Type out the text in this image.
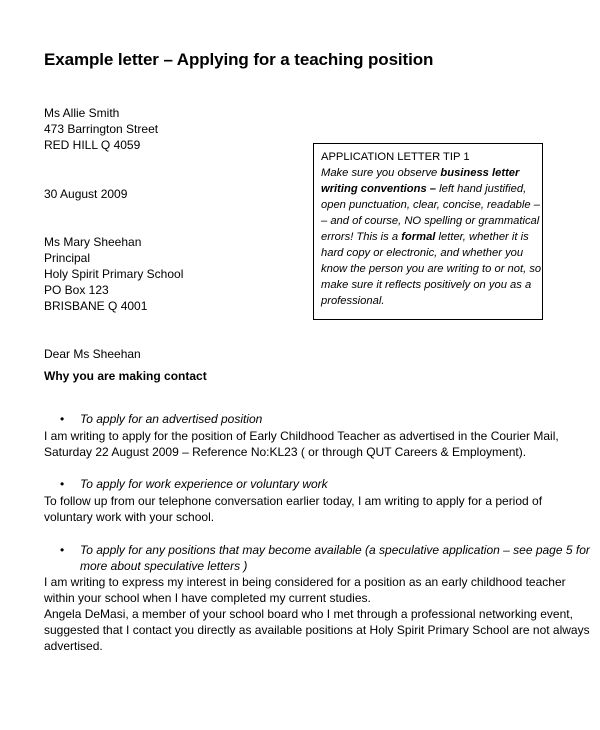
Example letter – Applying for a teaching position
Ms Allie Smith
473 Barrington Street
RED HILL Q 4059
30 August 2009
Ms Mary Sheehan
Principal
Holy Spirit Primary School
PO Box 123
BRISBANE Q 4001
APPLICATION LETTER TIP 1
Make sure you observe business letter
writing conventions – left hand justified,
open punctuation, clear, concise, readable –
– and of course, NO spelling or grammatical
errors! This is a formal letter, whether it is
hard copy or electronic, and whether you
know the person you are writing to or not, so
make sure it reflects positively on you as a
professional.
Dear Ms Sheehan
Why you are making contact
• To apply for an advertised position
I am writing to apply for the position of Early Childhood Teacher as advertised in the Courier Mail,
Saturday 22 August 2009 – Reference No:KL23 ( or through QUT Careers & Employment).
• To apply for work experience or voluntary work
To follow up from our telephone conversation earlier today, I am writing to apply for a period of
voluntary work with your school.
• To apply for any positions that may become available (a speculative application – see page 5 for
more about speculative letters )
I am writing to express my interest in being considered for a position as an early childhood teacher
within your school when I have completed my current studies.
Angela DeMasi, a member of your school board who I met through a professional networking event,
suggested that I contact you directly as available positions at Holy Spirit Primary School are not always
advertised.
